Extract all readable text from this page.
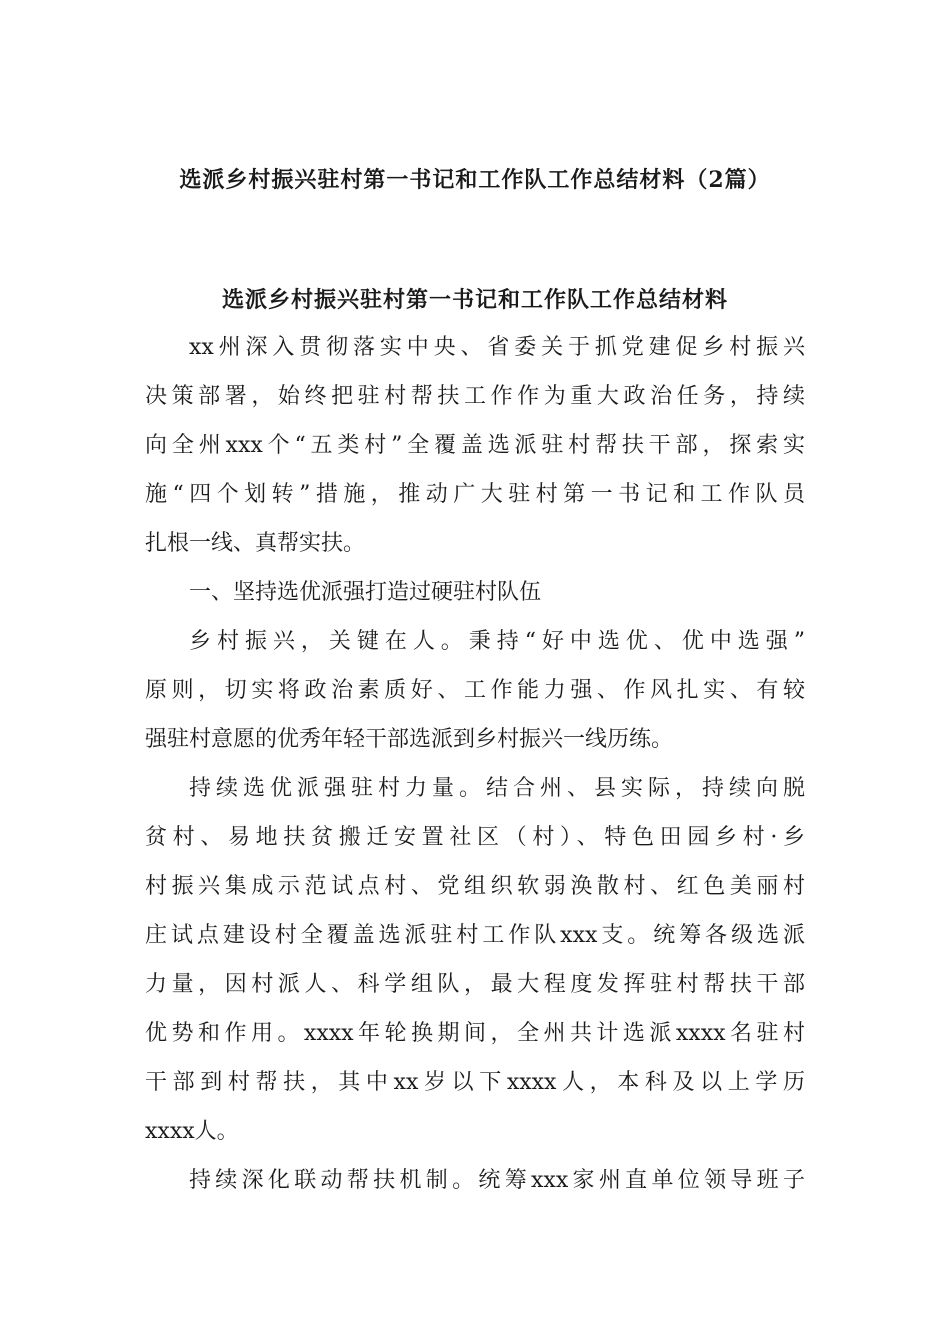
选派乡村振兴驻村第一书记和工作队工作总结材料（2篇）
选派乡村振兴驻村第一书记和工作队工作总结材料

xx州深入贯彻落实中央、省委关于抓党建促乡村振兴
决策部署，始终把驻村帮扶工作作为重大政治任务，持续
向全州xxx个“五类村”全覆盖选派驻村帮扶干部，探索实
施“四个划转”措施，推动广大驻村第一书记和工作队员
扎根一线、真帮实扶。

一、坚持选优派强打造过硬驻村队伍

乡村振兴，关键在人。秉持“好中选优、优中选强”
原则，切实将政治素质好、工作能力强、作风扎实、有较
强驻村意愿的优秀年轻干部选派到乡村振兴一线历练。

持续选优派强驻村力量。结合州、县实际，持续向脱
贫村、易地扶贫搬迁安置社区（村）、特色田园乡村·乡
村振兴集成示范试点村、党组织软弱涣散村、红色美丽村
庄试点建设村全覆盖选派驻村工作队xxx支。统筹各级选派
力量，因村派人、科学组队，最大程度发挥驻村帮扶干部
优势和作用。xxxx年轮换期间，全州共计选派xxxx名驻村
干部到村帮扶，其中xx岁以下xxxx人，本科及以上学历
xxxx人。

持续深化联动帮扶机制。统筹xxx家州直单位领导班子
